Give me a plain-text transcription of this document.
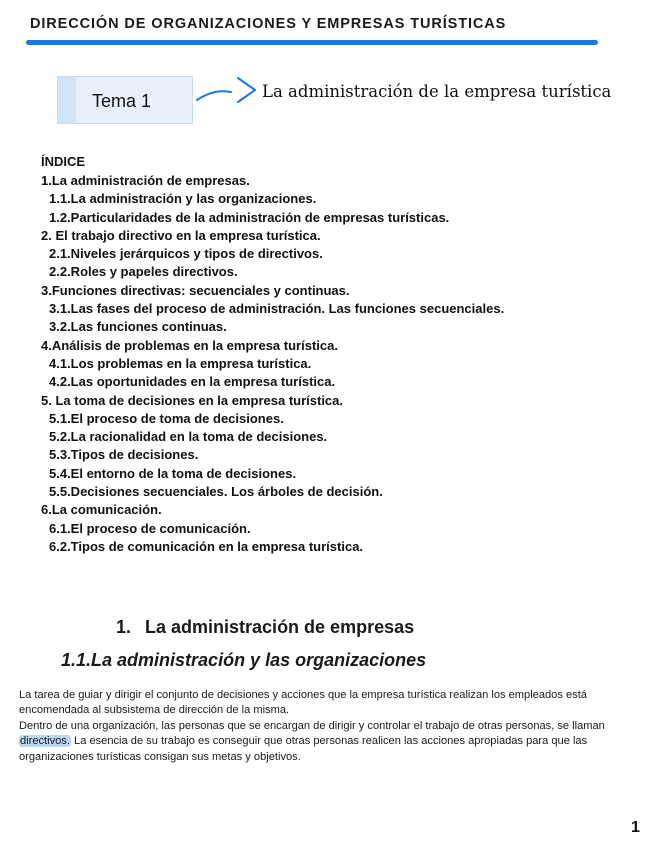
DIRECCIÓN DE ORGANIZACIONES Y EMPRESAS TURÍSTICAS
Tema 1	La administración de la empresa turística
ÍNDICE
1.La administración de empresas.
1.1.La administración y las organizaciones.
1.2.Particularidades de la administración de empresas turísticas.
2. El trabajo directivo en la empresa turística.
2.1.Niveles jerárquicos y tipos de directivos.
2.2.Roles y papeles directivos.
3.Funciones directivas: secuenciales y continuas.
3.1.Las fases del proceso de administración. Las funciones secuenciales.
3.2.Las funciones continuas.
4.Análisis de problemas en la empresa turística.
4.1.Los problemas en la empresa turística.
4.2.Las oportunidades en la empresa turística.
5. La toma de decisiones en la empresa turística.
5.1.El proceso de toma de decisiones.
5.2.La racionalidad en la toma de decisiones.
5.3.Tipos de decisiones.
5.4.El entorno de la toma de decisiones.
5.5.Decisiones secuenciales. Los árboles de decisión.
6.La comunicación.
6.1.El proceso de comunicación.
6.2.Tipos de comunicación en la empresa turística.
1. La administración de empresas
1.1.La administración y las organizaciones

La tarea de guiar y dirigir el conjunto de decisiones y acciones que la empresa turística realizan los empleados está encomendada al subsistema de dirección de la misma.

Dentro de una organización, las personas que se encargan de dirigir y controlar el trabajo de otras personas, se llaman directivos. La esencia de su trabajo es conseguir que otras personas realicen las acciones apropiadas para que las organizaciones turísticas consigan sus metas y objetivos.

1
